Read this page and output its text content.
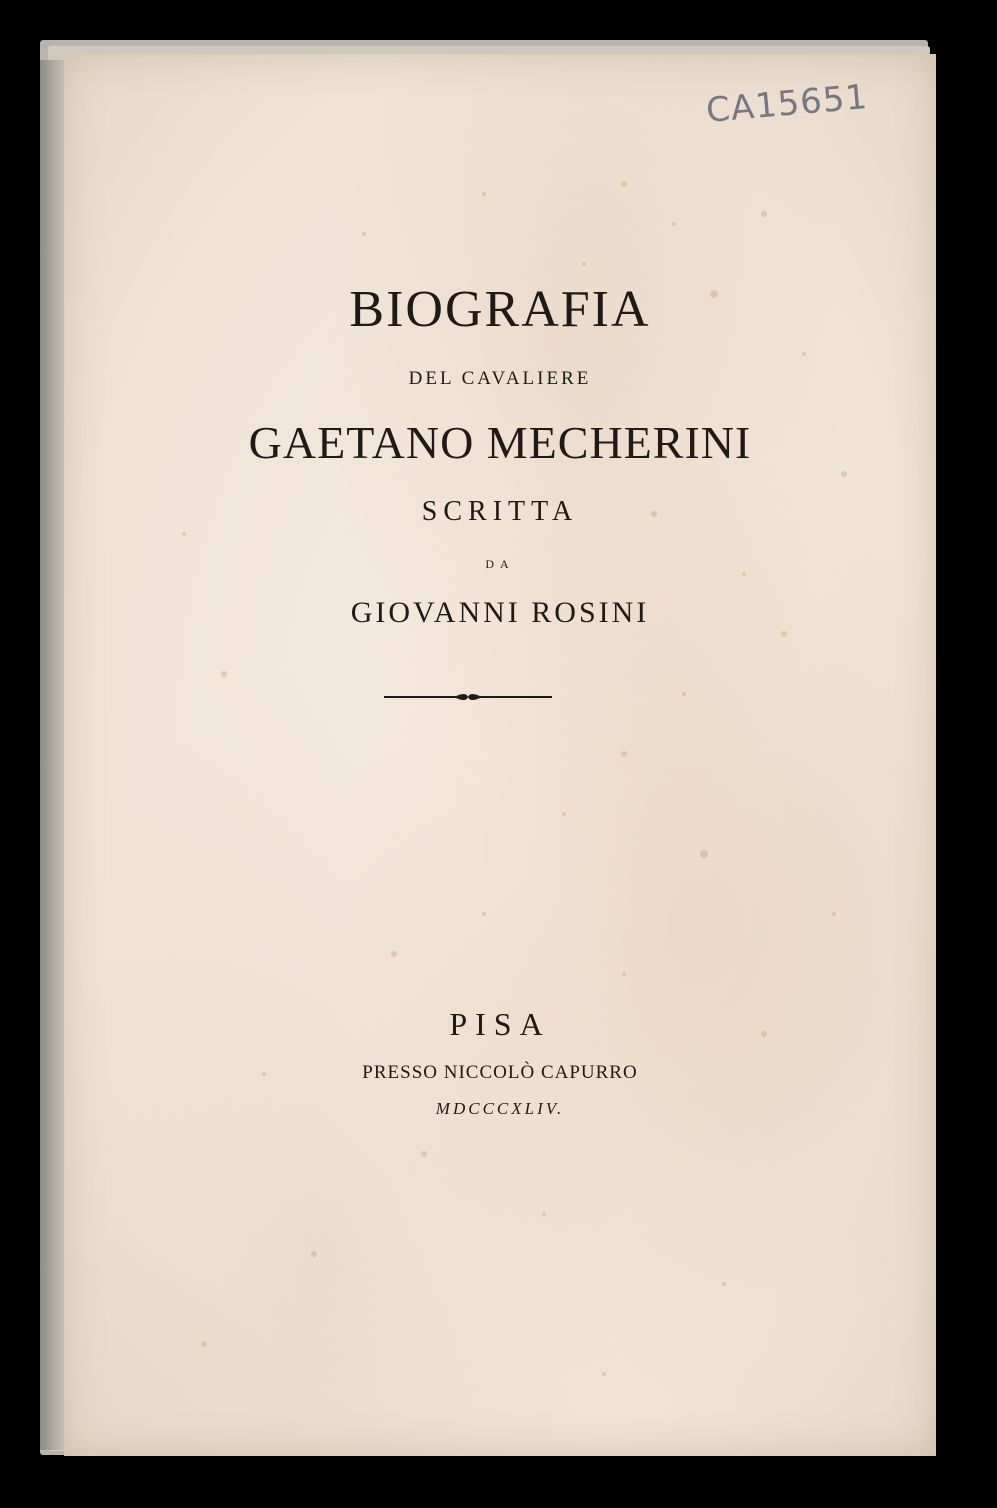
BIOGRAFIA

DEL CAVALIERE

GAETANO MECHERINI

SCRITTA

DA

GIOVANNI ROSINI

PISA

PRESSO NICCOLÒ CAPURRO

MDCCCXLIV.

CA15651
